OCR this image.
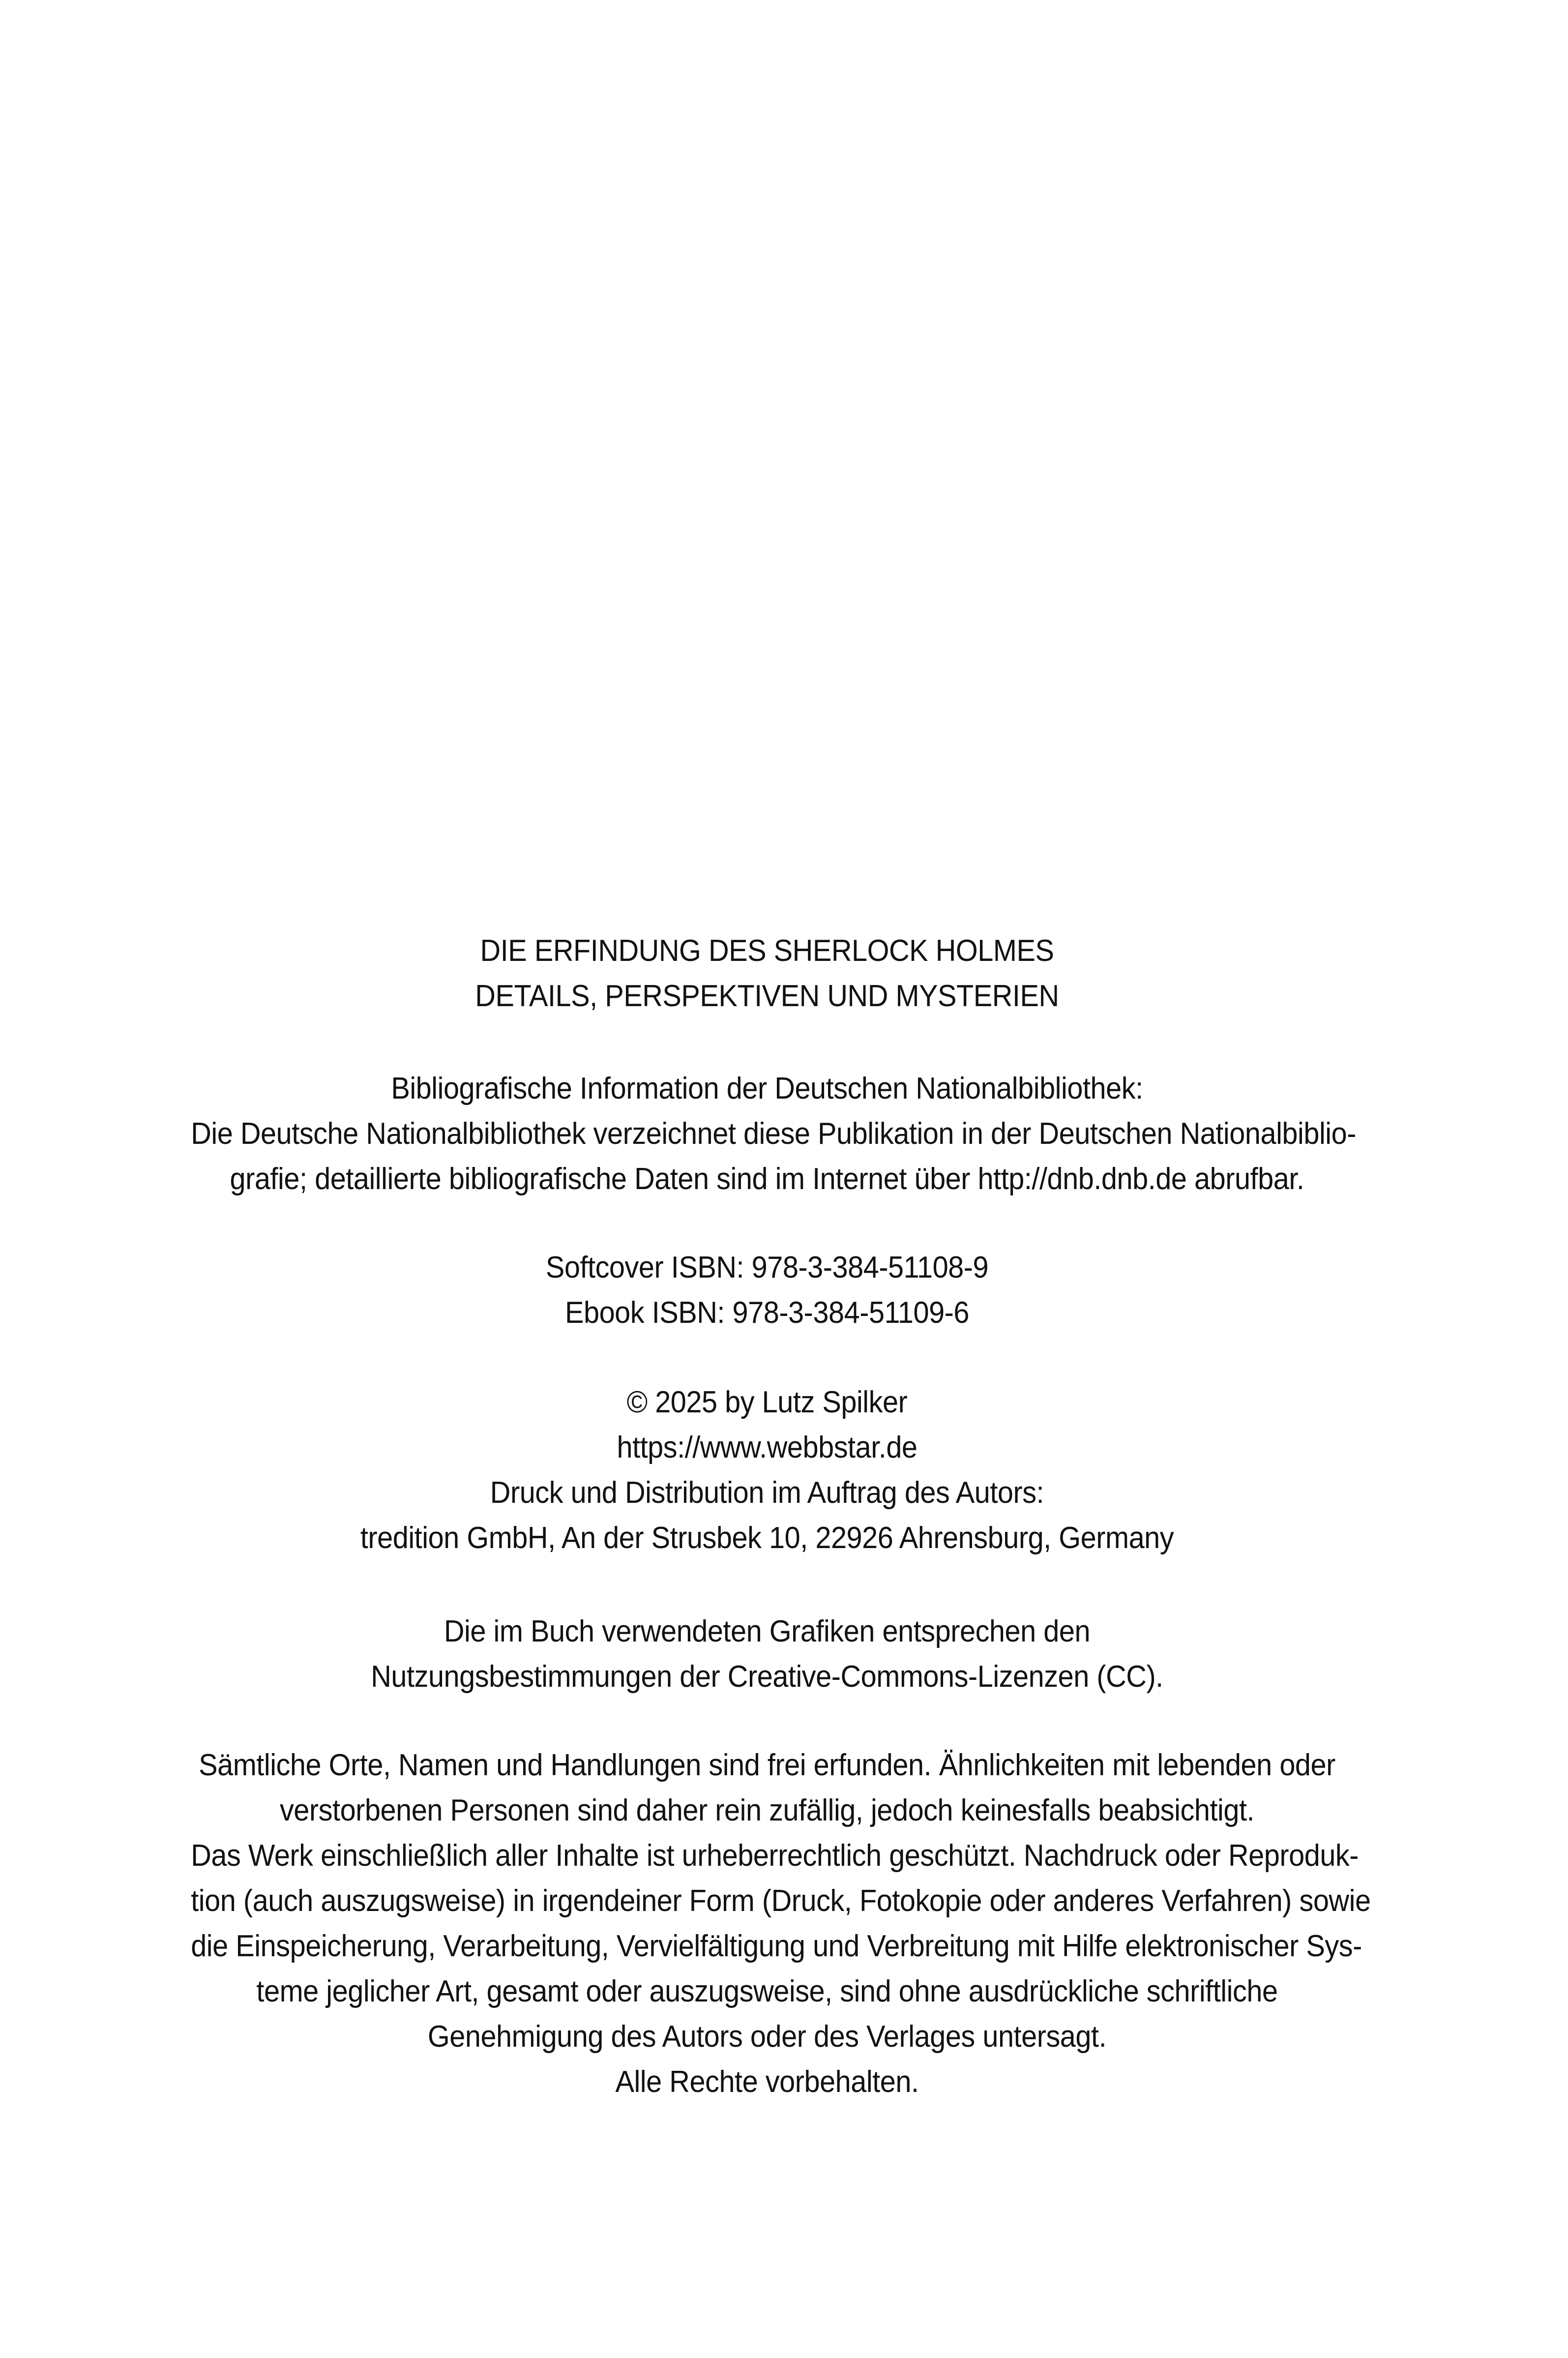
DIE ERFINDUNG DES SHERLOCK HOLMES
DETAILS, PERSPEKTIVEN UND MYSTERIEN
Bibliografische Information der Deutschen Nationalbibliothek:
Die Deutsche Nationalbibliothek verzeichnet diese Publikation in der Deutschen Nationalbiblio-
grafie; detaillierte bibliografische Daten sind im Internet über http://dnb.dnb.de abrufbar.
Softcover ISBN: 978-3-384-51108-9
Ebook ISBN: 978-3-384-51109-6
© 2025 by Lutz Spilker
https://www.webbstar.de
Druck und Distribution im Auftrag des Autors:
tredition GmbH, An der Strusbek 10, 22926 Ahrensburg, Germany
Die im Buch verwendeten Grafiken entsprechen den
Nutzungsbestimmungen der Creative-Commons-Lizenzen (CC).
Sämtliche Orte, Namen und Handlungen sind frei erfunden. Ähnlichkeiten mit lebenden oder
verstorbenen Personen sind daher rein zufällig, jedoch keinesfalls beabsichtigt.
Das Werk einschließlich aller Inhalte ist urheberrechtlich geschützt. Nachdruck oder Reproduk-
tion (auch auszugsweise) in irgendeiner Form (Druck, Fotokopie oder anderes Verfahren) sowie
die Einspeicherung, Verarbeitung, Vervielfältigung und Verbreitung mit Hilfe elektronischer Sys-
teme jeglicher Art, gesamt oder auszugsweise, sind ohne ausdrückliche schriftliche
Genehmigung des Autors oder des Verlages untersagt.
Alle Rechte vorbehalten.
